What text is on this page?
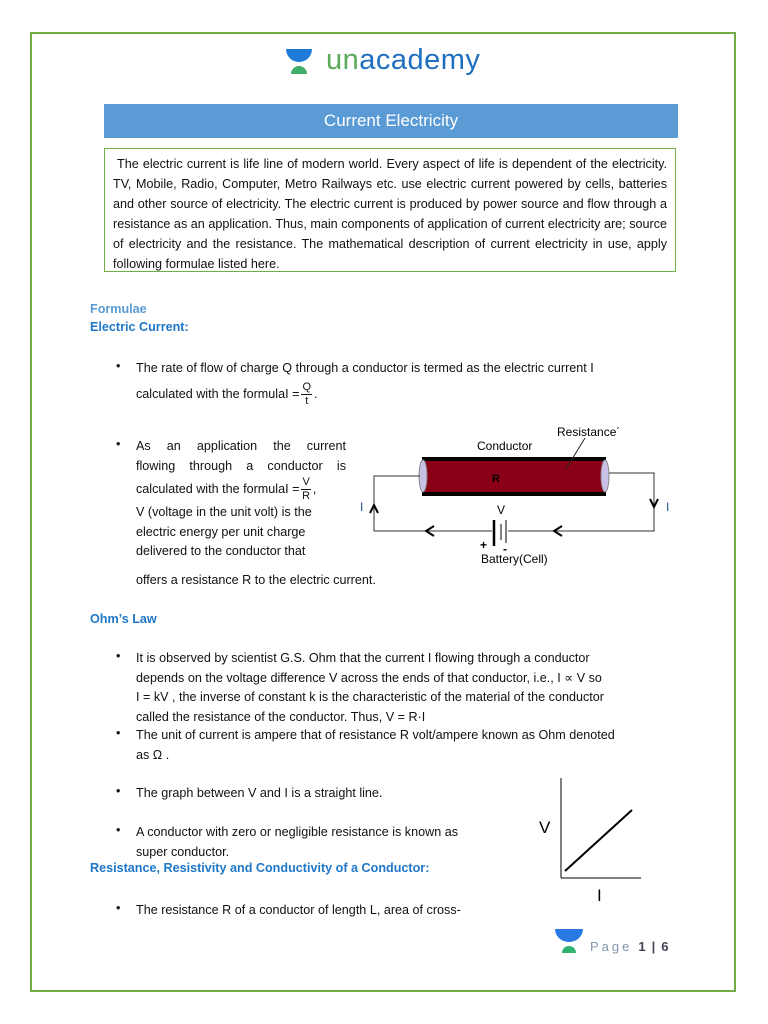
unacademy
Current Electricity
The electric current is life line of modern world. Every aspect of life is dependent of the electricity. TV, Mobile, Radio, Computer, Metro Railways etc. use electric current powered by cells, batteries and other source of electricity. The electric current is produced by power source and flow through a resistance as an application. Thus, main components of application of current electricity are; source of electricity and the resistance. The mathematical description of current electricity in use, apply following formulae listed here.
Formulae
Electric Current:
• The rate of flow of charge Q through a conductor is termed as the electric current I
calculated with the formulaI = $\frac{Q}{t}$ .
• As an application the current
flowing through a conductor is
calculated with the formulaI = $\frac{V}{R}$ ,
V (voltage in the unit volt) is the
electric energy per unit charge
delivered to the conductor that
offers a resistance R to the electric current.
Conductor
Resistance´
R
I	I
V
+ -
Battery(Cell)
Ohm’s Law
• It is observed by scientist G.S. Ohm that the current I flowing through a conductor
depends on the voltage difference V across the ends of that conductor, i.e., I ∝ V so
I = kV , the inverse of constant k is the characteristic of the material of the conductor
called the resistance of the conductor. Thus, V = R·I
• The unit of current is ampere that of resistance R volt/ampere known as Ohm denoted
as Ω .
• The graph between V and I is a straight line.
• A conductor with zero or negligible resistance is known as
super conductor.
V
I
Resistance, Resistivity and Conductivity of a Conductor:
• The resistance R of a conductor of length L, area of cross-
Page 1 | 6
